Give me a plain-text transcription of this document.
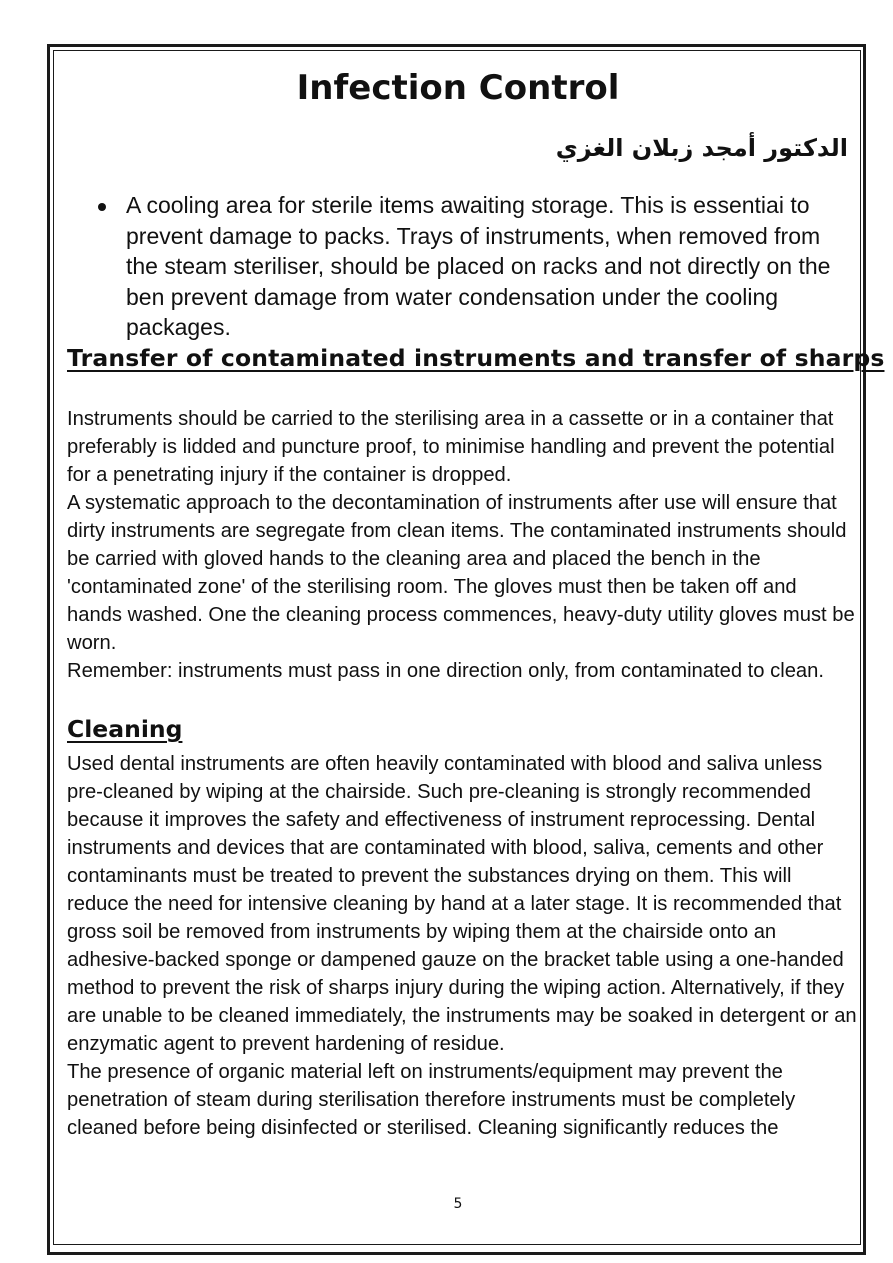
Infection Control
الدكتور أمجد زبلان الغزي
A cooling area for sterile items awaiting storage. This is essentiai to prevent damage to packs. Trays of instruments, when removed from the steam steriliser, should be placed on racks and not directly on the ben prevent damage from water condensation under the cooling packages.
Transfer of contaminated instruments and transfer of sharps

Instruments should be carried to the sterilising area in a cassette or in a container that preferably is lidded and puncture proof, to minimise handling and prevent the potential for a penetrating injury if the container is dropped.

A systematic approach to the decontamination of instruments after use will ensure that dirty instruments are segregate from clean items. The contaminated instruments should be carried with gloved hands to the cleaning area and placed the bench in the 'contaminated zone' of the sterilising room. The gloves must then be taken off and hands washed. One the cleaning process commences, heavy-duty utility gloves must be worn.

Remember: instruments must pass in one direction only, from contaminated to clean.

Cleaning

Used dental instruments are often heavily contaminated with blood and saliva unless pre-cleaned by wiping at the chairside. Such pre-cleaning is strongly recommended because it improves the safety and effectiveness of instrument reprocessing. Dental instruments and devices that are contaminated with blood, saliva, cements and other contaminants must be treated to prevent the substances drying on them. This will reduce the need for intensive cleaning by hand at a later stage. It is recommended that gross soil be removed from instruments by wiping them at the chairside onto an adhesive-backed sponge or dampened gauze on the bracket table using a one-handed method to prevent the risk of sharps injury during the wiping action. Alternatively, if they are unable to be cleaned immediately, the instruments may be soaked in detergent or an enzymatic agent to prevent hardening of residue.

The presence of organic material left on instruments/equipment may prevent the penetration of steam during sterilisation therefore instruments must be completely cleaned before being disinfected or sterilised. Cleaning significantly reduces the

5
